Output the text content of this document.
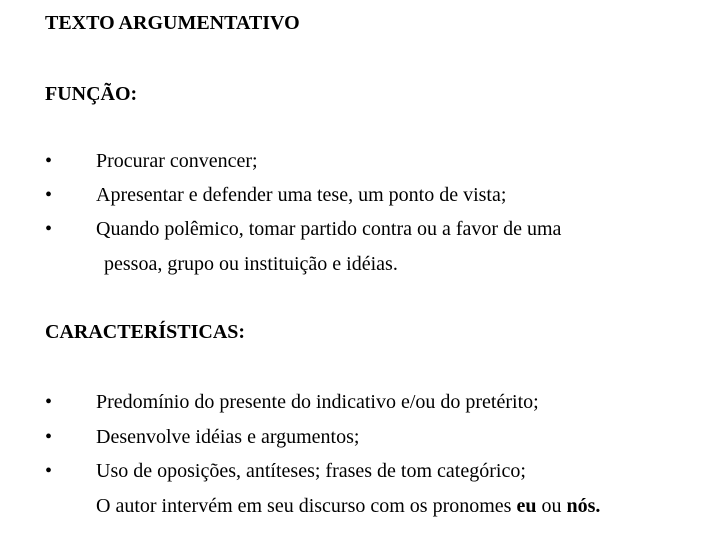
TEXTO ARGUMENTATIVO
FUNÇÃO:
• Procurar convencer;
• Apresentar e defender uma tese, um ponto de vista;
• Quando polêmico, tomar partido contra ou a favor de uma
pessoa, grupo ou instituição e idéias.
CARACTERÍSTICAS:
• Predomínio do presente do indicativo e/ou do pretérito;
• Desenvolve idéias e argumentos;
• Uso de oposições, antíteses; frases de tom categórico;
O autor intervém em seu discurso com os pronomes eu ou nós.
